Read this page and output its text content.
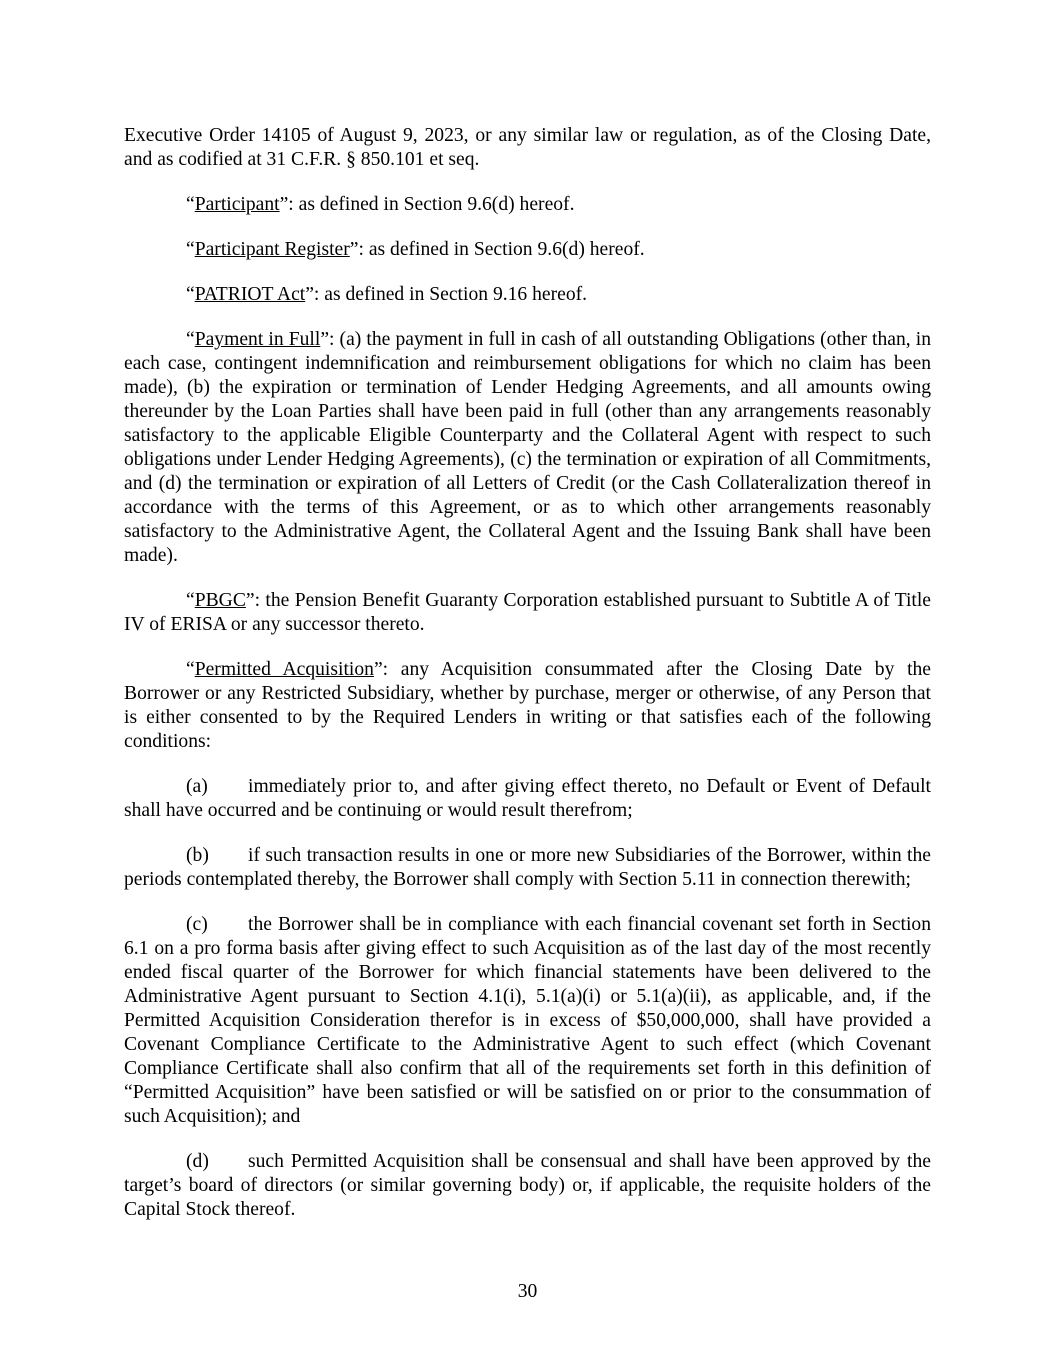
Executive Order 14105 of August 9, 2023, or any similar law or regulation, as of the Closing Date, and as codified at 31 C.F.R. § 850.101 et seq.

“Participant”: as defined in Section 9.6(d) hereof.

“Participant Register”: as defined in Section 9.6(d) hereof.

“PATRIOT Act”: as defined in Section 9.16 hereof.

“Payment in Full”: (a) the payment in full in cash of all outstanding Obligations (other than, in each case, contingent indemnification and reimbursement obligations for which no claim has been made), (b) the expiration or termination of Lender Hedging Agreements, and all amounts owing thereunder by the Loan Parties shall have been paid in full (other than any arrangements reasonably satisfactory to the applicable Eligible Counterparty and the Collateral Agent with respect to such obligations under Lender Hedging Agreements), (c) the termination or expiration of all Commitments, and (d) the termination or expiration of all Letters of Credit (or the Cash Collateralization thereof in accordance with the terms of this Agreement, or as to which other arrangements reasonably satisfactory to the Administrative Agent, the Collateral Agent and the Issuing Bank shall have been made).

“PBGC”: the Pension Benefit Guaranty Corporation established pursuant to Subtitle A of Title IV of ERISA or any successor thereto.

“Permitted Acquisition”: any Acquisition consummated after the Closing Date by the Borrower or any Restricted Subsidiary, whether by purchase, merger or otherwise, of any Person that is either consented to by the Required Lenders in writing or that satisfies each of the following conditions:

(a) immediately prior to, and after giving effect thereto, no Default or Event of Default shall have occurred and be continuing or would result therefrom;

(b) if such transaction results in one or more new Subsidiaries of the Borrower, within the periods contemplated thereby, the Borrower shall comply with Section 5.11 in connection therewith;

(c) the Borrower shall be in compliance with each financial covenant set forth in Section 6.1 on a pro forma basis after giving effect to such Acquisition as of the last day of the most recently ended fiscal quarter of the Borrower for which financial statements have been delivered to the Administrative Agent pursuant to Section 4.1(i), 5.1(a)(i) or 5.1(a)(ii), as applicable, and, if the Permitted Acquisition Consideration therefor is in excess of $50,000,000, shall have provided a Covenant Compliance Certificate to the Administrative Agent to such effect (which Covenant Compliance Certificate shall also confirm that all of the requirements set forth in this definition of “Permitted Acquisition” have been satisfied or will be satisfied on or prior to the consummation of such Acquisition); and

(d) such Permitted Acquisition shall be consensual and shall have been approved by the target’s board of directors (or similar governing body) or, if applicable, the requisite holders of the Capital Stock thereof.

30
